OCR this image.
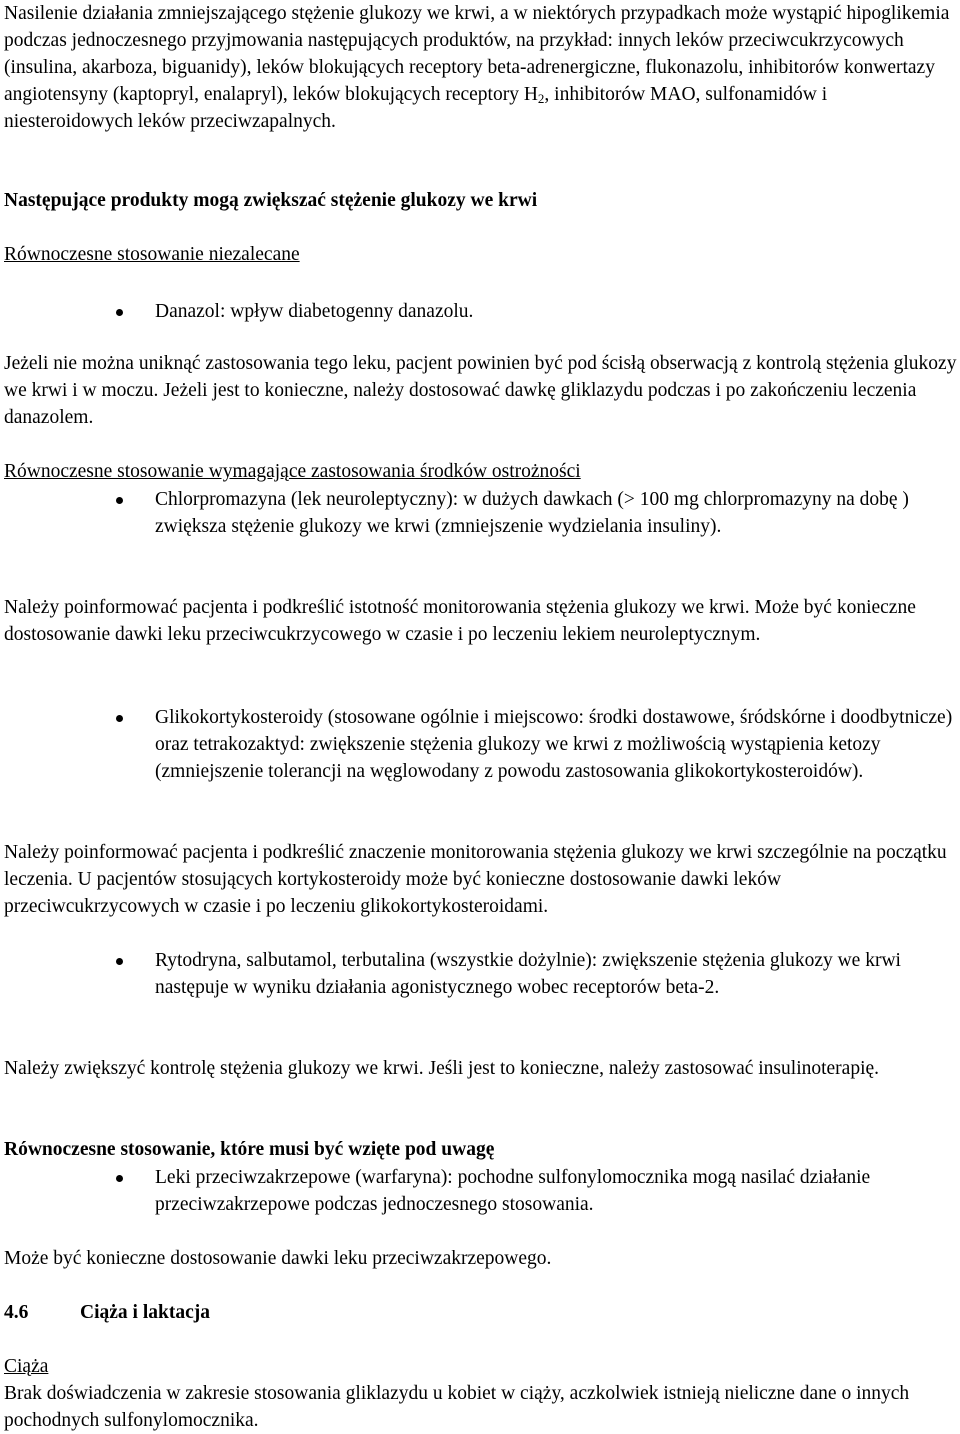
Nasilenie działania zmniejszającego stężenie glukozy we krwi, a w niektórych przypadkach może wystąpić hipoglikemia podczas jednoczesnego przyjmowania następujących produktów, na przykład: innych leków przeciwcukrzycowych (insulina, akarboza, biguanidy), leków blokujących receptory beta-adrenergiczne, flukonazolu, inhibitorów konwertazy angiotensyny (kaptopryl, enalapryl), leków blokujących receptory $H_2$, inhibitorów MAO, sulfonamidów i niesteroidowych leków przeciwzapalnych.

Następujące produkty mogą zwiększać stężenie glukozy we krwi

Równoczesne stosowanie niezalecane

Danazol: wpływ diabetogenny danazolu.

Jeżeli nie można uniknąć zastosowania tego leku, pacjent powinien być pod ścisłą obserwacją z kontrolą stężenia glukozy we krwi i w moczu. Jeżeli jest to konieczne, należy dostosować dawkę gliklazydu podczas i po zakończeniu leczenia danazolem.

Równoczesne stosowanie wymagające zastosowania środków ostrożności

Chlorpromazyna (lek neuroleptyczny): w dużych dawkach (> 100 mg chlorpromazyny na dobę ) zwiększa stężenie glukozy we krwi (zmniejszenie wydzielania insuliny).

Należy poinformować pacjenta i podkreślić istotność monitorowania stężenia glukozy we krwi. Może być konieczne dostosowanie dawki leku przeciwcukrzycowego w czasie i po leczeniu lekiem neuroleptycznym.

Glikokortykosteroidy (stosowane ogólnie i miejscowo: środki dostawowe, śródskórne i doodbytnicze) oraz tetrakozaktyd: zwiększenie stężenia glukozy we krwi z możliwością wystąpienia ketozy (zmniejszenie tolerancji na węglowodany z powodu zastosowania glikokortykosteroidów).

Należy poinformować pacjenta i podkreślić znaczenie monitorowania stężenia glukozy we krwi szczególnie na początku leczenia. U pacjentów stosujących kortykosteroidy może być konieczne dostosowanie dawki leków przeciwcukrzycowych w czasie i po leczeniu glikokortykosteroidami.

Rytodryna, salbutamol, terbutalina (wszystkie dożylnie): zwiększenie stężenia glukozy we krwi następuje w wyniku działania agonistycznego wobec receptorów beta-2.

Należy zwiększyć kontrolę stężenia glukozy we krwi. Jeśli jest to konieczne, należy zastosować insulinoterapię.

Równoczesne stosowanie, które musi być wzięte pod uwagę

Leki przeciwzakrzepowe (warfaryna): pochodne sulfonylomocznika mogą nasilać działanie przeciwzakrzepowe podczas jednoczesnego stosowania.

Może być konieczne dostosowanie dawki leku przeciwzakrzepowego.

4.6	Ciąża i laktacja

Ciąża

Brak doświadczenia w zakresie stosowania gliklazydu u kobiet w ciąży, aczkolwiek istnieją nieliczne dane o innych pochodnych sulfonylomocznika.
